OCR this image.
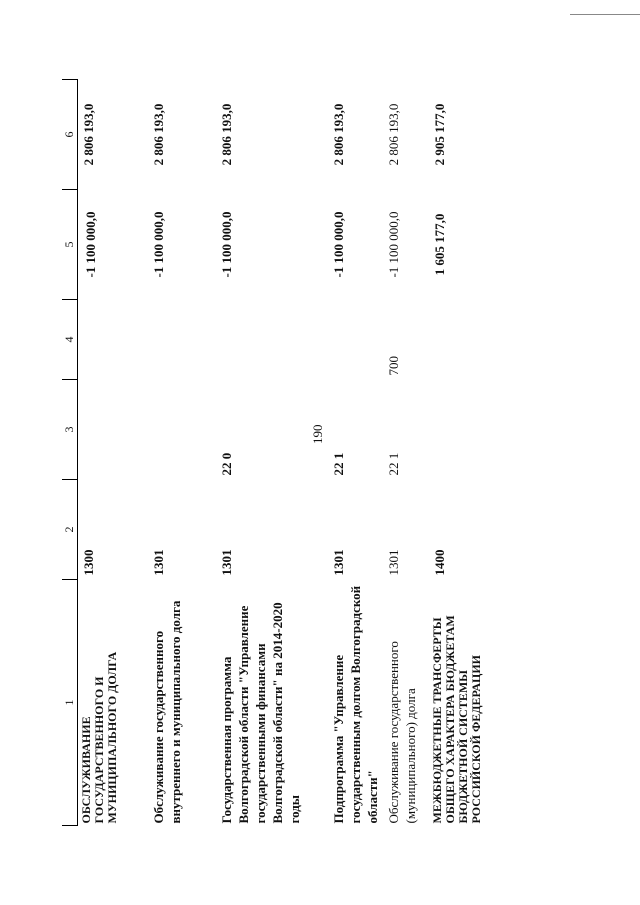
190
1	2	3	4	5	6
ОБСЛУЖИВАНИЕ ГОСУДАРСТВЕННОГО И МУНИЦИПАЛЬНОГО ДОЛГА	1300			-1 100 000,0	2 806 193,0
Обслуживание государственного внутреннего и муниципального долга	1301			-1 100 000,0	2 806 193,0
Государственная программа Волгоградской области "Управление государственными финансами Волгоградской области" на 2014-2020 годы	1301	22 0		-1 100 000,0	2 806 193,0
Подпрограмма "Управление государственным долгом Волгоградской области"	1301	22 1		-1 100 000,0	2 806 193,0
Обслуживание государственного (муниципального) долга	1301	22 1	700	-1 100 000,0	2 806 193,0
МЕЖБЮДЖЕТНЫЕ ТРАНСФЕРТЫ ОБЩЕГО ХАРАКТЕРА БЮДЖЕТАМ БЮДЖЕТНОЙ СИСТЕМЫ РОССИЙСКОЙ ФЕДЕРАЦИИ	1400			1 605 177,0	2 905 177,0
